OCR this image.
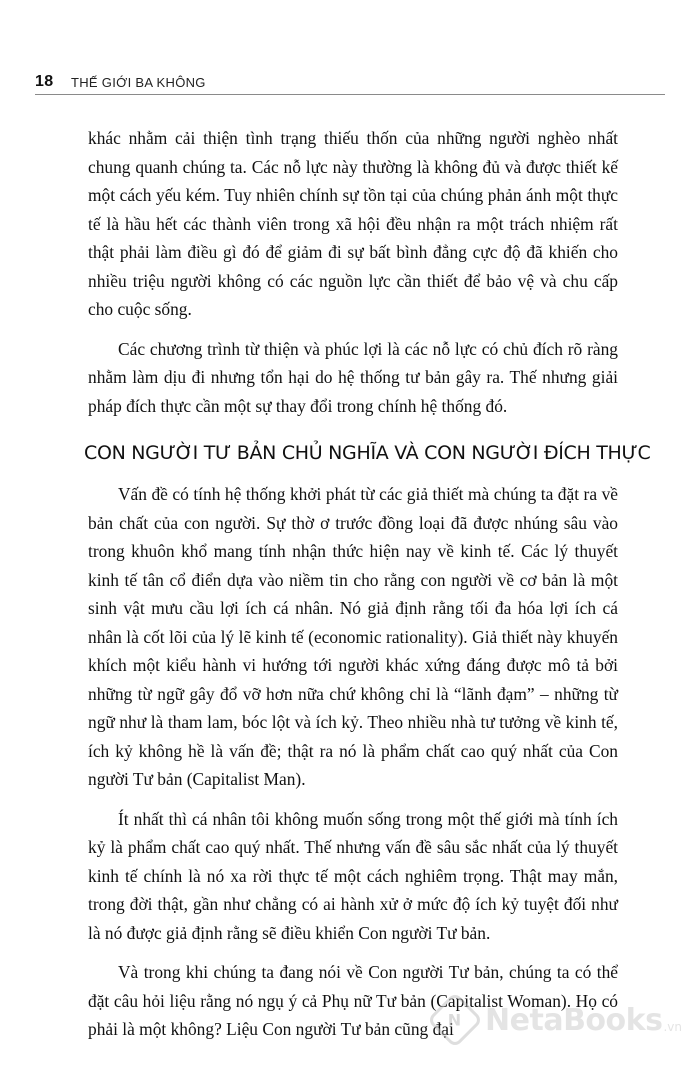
18	THẾ GIỚI BA KHÔNG

khác nhằm cải thiện tình trạng thiếu thốn của những người nghèo nhất chung quanh chúng ta. Các nỗ lực này thường là không đủ và được thiết kế một cách yếu kém. Tuy nhiên chính sự tồn tại của chúng phản ánh một thực tế là hầu hết các thành viên trong xã hội đều nhận ra một trách nhiệm rất thật phải làm điều gì đó để giảm đi sự bất bình đẳng cực độ đã khiến cho nhiều triệu người không có các nguồn lực cần thiết để bảo vệ và chu cấp cho cuộc sống.

Các chương trình từ thiện và phúc lợi là các nỗ lực có chủ đích rõ ràng nhằm làm dịu đi nhưng tổn hại do hệ thống tư bản gây ra. Thế nhưng giải pháp đích thực cần một sự thay đổi trong chính hệ thống đó.

CON NGƯỜI TƯ BẢN CHỦ NGHĨA VÀ CON NGƯỜI ĐÍCH THỰC

Vấn đề có tính hệ thống khởi phát từ các giả thiết mà chúng ta đặt ra về bản chất của con người. Sự thờ ơ trước đồng loại đã được nhúng sâu vào trong khuôn khổ mang tính nhận thức hiện nay về kinh tế. Các lý thuyết kinh tế tân cổ điển dựa vào niềm tin cho rằng con người về cơ bản là một sinh vật mưu cầu lợi ích cá nhân. Nó giả định rằng tối đa hóa lợi ích cá nhân là cốt lõi của lý lẽ kinh tế (economic rationality). Giả thiết này khuyến khích một kiểu hành vi hướng tới người khác xứng đáng được mô tả bởi những từ ngữ gây đổ vỡ hơn nữa chứ không chỉ là “lãnh đạm” – những từ ngữ như là tham lam, bóc lột và ích kỷ. Theo nhiều nhà tư tưởng về kinh tế, ích kỷ không hề là vấn đề; thật ra nó là phẩm chất cao quý nhất của Con người Tư bản (Capitalist Man).

Ít nhất thì cá nhân tôi không muốn sống trong một thế giới mà tính ích kỷ là phẩm chất cao quý nhất. Thế nhưng vấn đề sâu sắc nhất của lý thuyết kinh tế chính là nó xa rời thực tế một cách nghiêm trọng. Thật may mắn, trong đời thật, gần như chẳng có ai hành xử ở mức độ ích kỷ tuyệt đối như là nó được giả định rằng sẽ điều khiển Con người Tư bản.

Và trong khi chúng ta đang nói về Con người Tư bản, chúng ta có thể đặt câu hỏi liệu rằng nó ngụ ý cả Phụ nữ Tư bản (Capitalist Woman). Họ có phải là một không? Liệu Con người Tư bản cũng đại

N NetaBooks .vn
